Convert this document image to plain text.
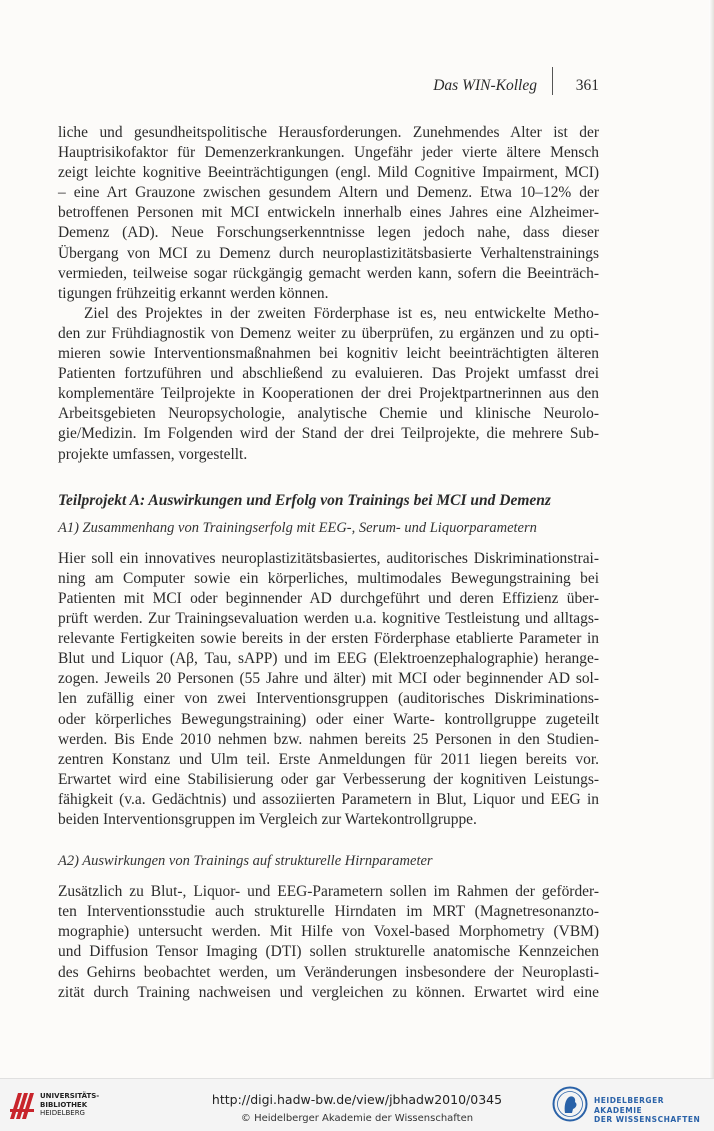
Das WIN-Kolleg	361
liche und gesundheitspolitische Herausforderungen. Zunehmendes Alter ist der
Hauptrisikofaktor für Demenzerkrankungen. Ungefähr jeder vierte ältere Mensch
zeigt leichte kognitive Beeinträchtigungen (engl. Mild Cognitive Impairment, MCI)
– eine Art Grauzone zwischen gesundem Altern und Demenz. Etwa 10–12% der
betroffenen Personen mit MCI entwickeln innerhalb eines Jahres eine Alzheimer-
Demenz (AD). Neue Forschungserkenntnisse legen jedoch nahe, dass dieser
Übergang von MCI zu Demenz durch neuroplastizitätsbasierte Verhaltenstrainings
vermieden, teilweise sogar rückgängig gemacht werden kann, sofern die Beeinträch-
tigungen frühzeitig erkannt werden können.
Ziel des Projektes in der zweiten Förderphase ist es, neu entwickelte Metho-
den zur Frühdiagnostik von Demenz weiter zu überprüfen, zu ergänzen und zu opti-
mieren sowie Interventionsmaßnahmen bei kognitiv leicht beeinträchtigten älteren
Patienten fortzuführen und abschließend zu evaluieren. Das Projekt umfasst drei
komplementäre Teilprojekte in Kooperationen der drei Projektpartnerinnen aus den
Arbeitsgebieten Neuropsychologie, analytische Chemie und klinische Neurolo-
gie/Medizin. Im Folgenden wird der Stand der drei Teilprojekte, die mehrere Sub-
projekte umfassen, vorgestellt.
Teilprojekt A: Auswirkungen und Erfolg von Trainings bei MCI und Demenz
A1) Zusammenhang von Trainingserfolg mit EEG-, Serum- und Liquorparametern
Hier soll ein innovatives neuroplastizitätsbasiertes, auditorisches Diskriminationstrai-
ning am Computer sowie ein körperliches, multimodales Bewegungstraining bei
Patienten mit MCI oder beginnender AD durchgeführt und deren Effizienz über-
prüft werden. Zur Trainingsevaluation werden u.a. kognitive Testleistung und alltags-
relevante Fertigkeiten sowie bereits in der ersten Förderphase etablierte Parameter in
Blut und Liquor (Aβ, Tau, sAPP) und im EEG (Elektroenzephalographie) herange-
zogen. Jeweils 20 Personen (55 Jahre und älter) mit MCI oder beginnender AD sol-
len zufällig einer von zwei Interventionsgruppen (auditorisches Diskriminations-
oder körperliches Bewegungstraining) oder einer Warte- kontrollgruppe zugeteilt
werden. Bis Ende 2010 nehmen bzw. nahmen bereits 25 Personen in den Studien-
zentren Konstanz und Ulm teil. Erste Anmeldungen für 2011 liegen bereits vor.
Erwartet wird eine Stabilisierung oder gar Verbesserung der kognitiven Leistungs-
fähigkeit (v.a. Gedächtnis) und assoziierten Parametern in Blut, Liquor und EEG in
beiden Interventionsgruppen im Vergleich zur Wartekontrollgruppe.
A2) Auswirkungen von Trainings auf strukturelle Hirnparameter
Zusätzlich zu Blut-, Liquor- und EEG-Parametern sollen im Rahmen der geförder-
ten Interventionsstudie auch strukturelle Hirndaten im MRT (Magnetresonanzto-
mographie) untersucht werden. Mit Hilfe von Voxel-based Morphometry (VBM)
und Diffusion Tensor Imaging (DTI) sollen strukturelle anatomische Kennzeichen
des Gehirns beobachtet werden, um Veränderungen insbesondere der Neuroplasti-
zität durch Training nachweisen und vergleichen zu können. Erwartet wird eine
UNIVERSITÄTS-
BIBLIOTHEK
HEIDELBERG
http://digi.hadw-bw.de/view/jbhadw2010/0345
© Heidelberger Akademie der Wissenschaften
HEIDELBERGER AKADEMIE
DER WISSENSCHAFTEN
